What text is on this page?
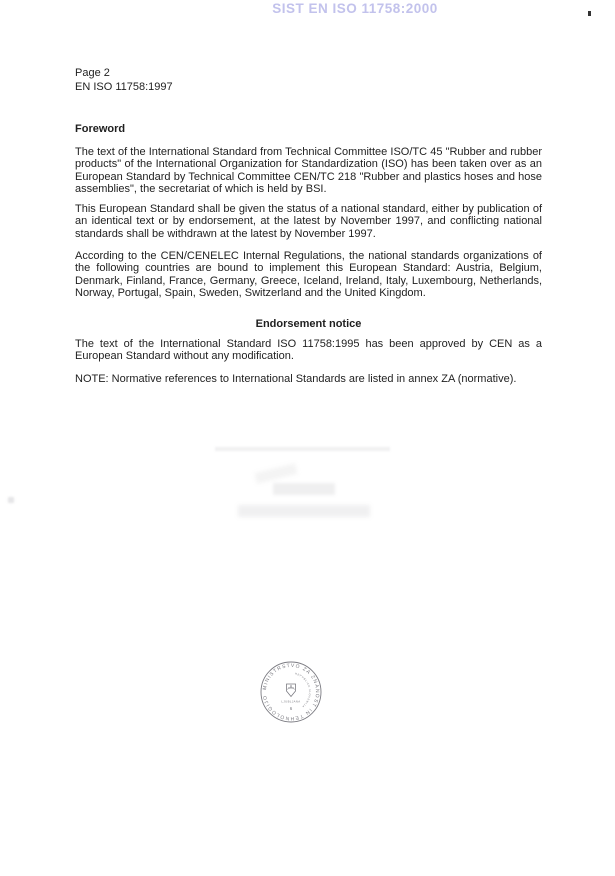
SIST EN ISO 11758:2000
Page 2
EN ISO 11758:1997
Foreword

The text of the International Standard from Technical Committee ISO/TC 45 "Rubber and rubber products" of the International Organization for Standardization (ISO) has been taken over as an European Standard by Technical Committee CEN/TC 218 "Rubber and plastics hoses and hose assemblies", the secretariat of which is held by BSI.

This European Standard shall be given the status of a national standard, either by publication of an identical text or by endorsement, at the latest by November 1997, and conflicting national standards shall be withdrawn at the latest by November 1997.

According to the CEN/CENELEC Internal Regulations, the national standards organizations of the following countries are bound to implement this European Standard: Austria, Belgium, Denmark, Finland, France, Germany, Greece, Iceland, Ireland, Italy, Luxembourg, Netherlands, Norway, Portugal, Spain, Sweden, Switzerland and the United Kingdom.

Endorsement notice

The text of the International Standard ISO 11758:1995 has been approved by CEN as a European Standard without any modification.

NOTE: Normative references to International Standards are listed in annex ZA (normative).
MINISTRSTVO ZA ZNANOST IN TEHNOLOGIJO
REPUBLIKA SLOVENIJA
LJUBLJANA
6
